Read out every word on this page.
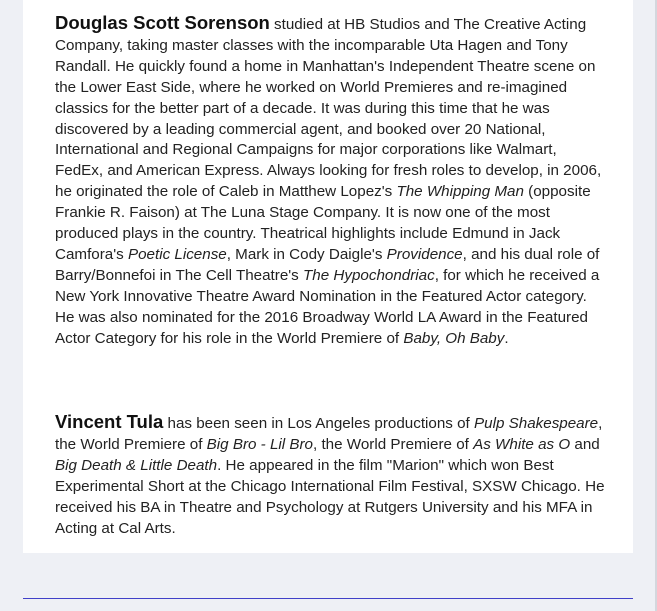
Douglas Scott Sorenson studied at HB Studios and The Creative Acting Company, taking master classes with the incomparable Uta Hagen and Tony Randall. He quickly found a home in Manhattan's Independent Theatre scene on the Lower East Side, where he worked on World Premieres and re-imagined classics for the better part of a decade. It was during this time that he was discovered by a leading commercial agent, and booked over 20 National, International and Regional Campaigns for major corporations like Walmart, FedEx, and American Express. Always looking for fresh roles to develop, in 2006, he originated the role of Caleb in Matthew Lopez's The Whipping Man (opposite Frankie R. Faison) at The Luna Stage Company. It is now one of the most produced plays in the country. Theatrical highlights include Edmund in Jack Camfora's Poetic License, Mark in Cody Daigle's Providence, and his dual role of Barry/Bonnefoi in The Cell Theatre's The Hypochondriac, for which he received a New York Innovative Theatre Award Nomination in the Featured Actor category. He was also nominated for the 2016 Broadway World LA Award in the Featured Actor Category for his role in the World Premiere of Baby, Oh Baby.

Vincent Tula has been seen in Los Angeles productions of Pulp Shakespeare, the World Premiere of Big Bro - Lil Bro, the World Premiere of As White as O and Big Death & Little Death. He appeared in the film "Marion" which won Best Experimental Short at the Chicago International Film Festival, SXSW Chicago. He received his BA in Theatre and Psychology at Rutgers University and his MFA in Acting at Cal Arts.
